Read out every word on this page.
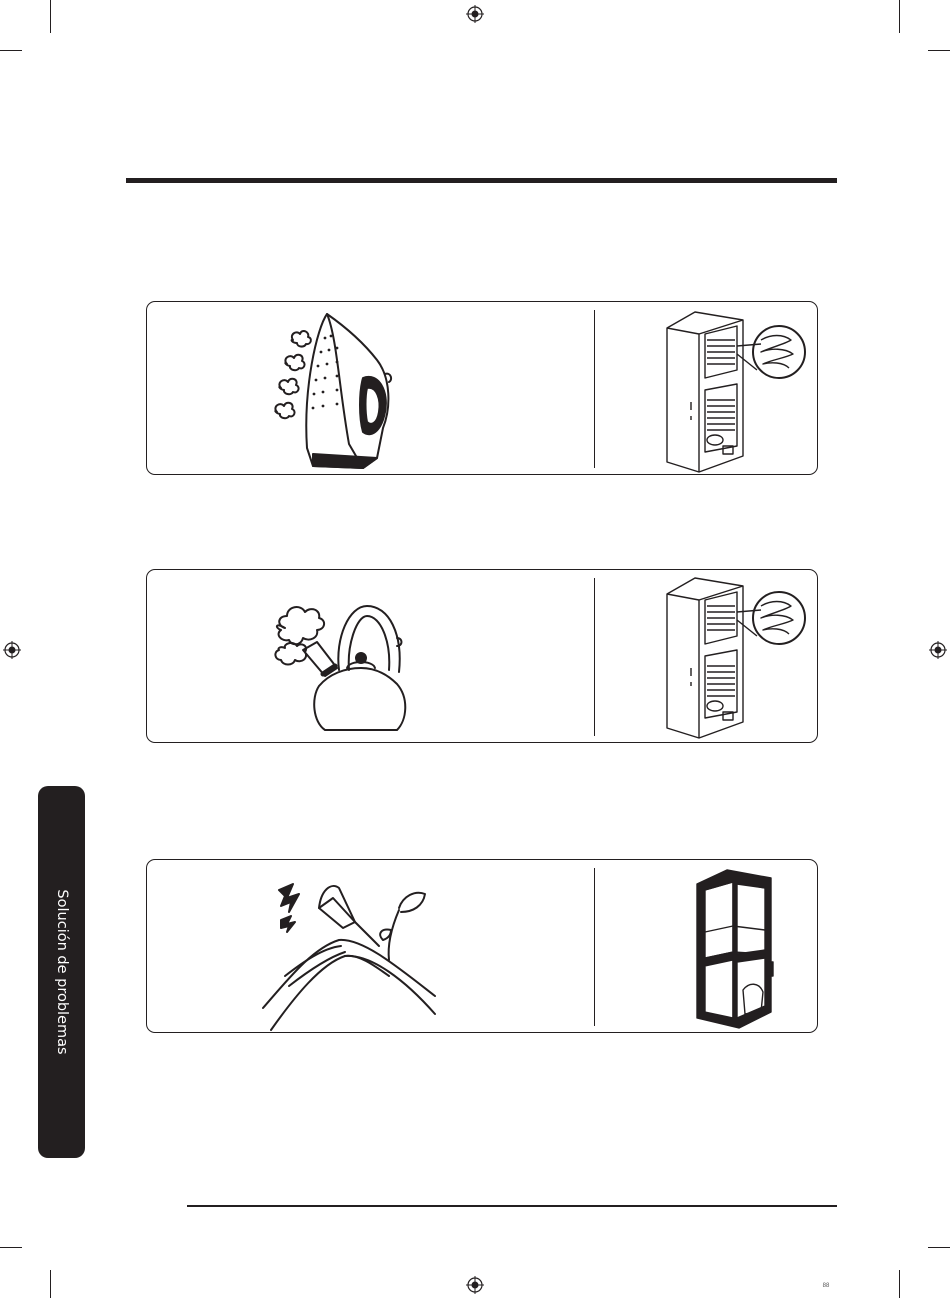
Solución de problemas
88
